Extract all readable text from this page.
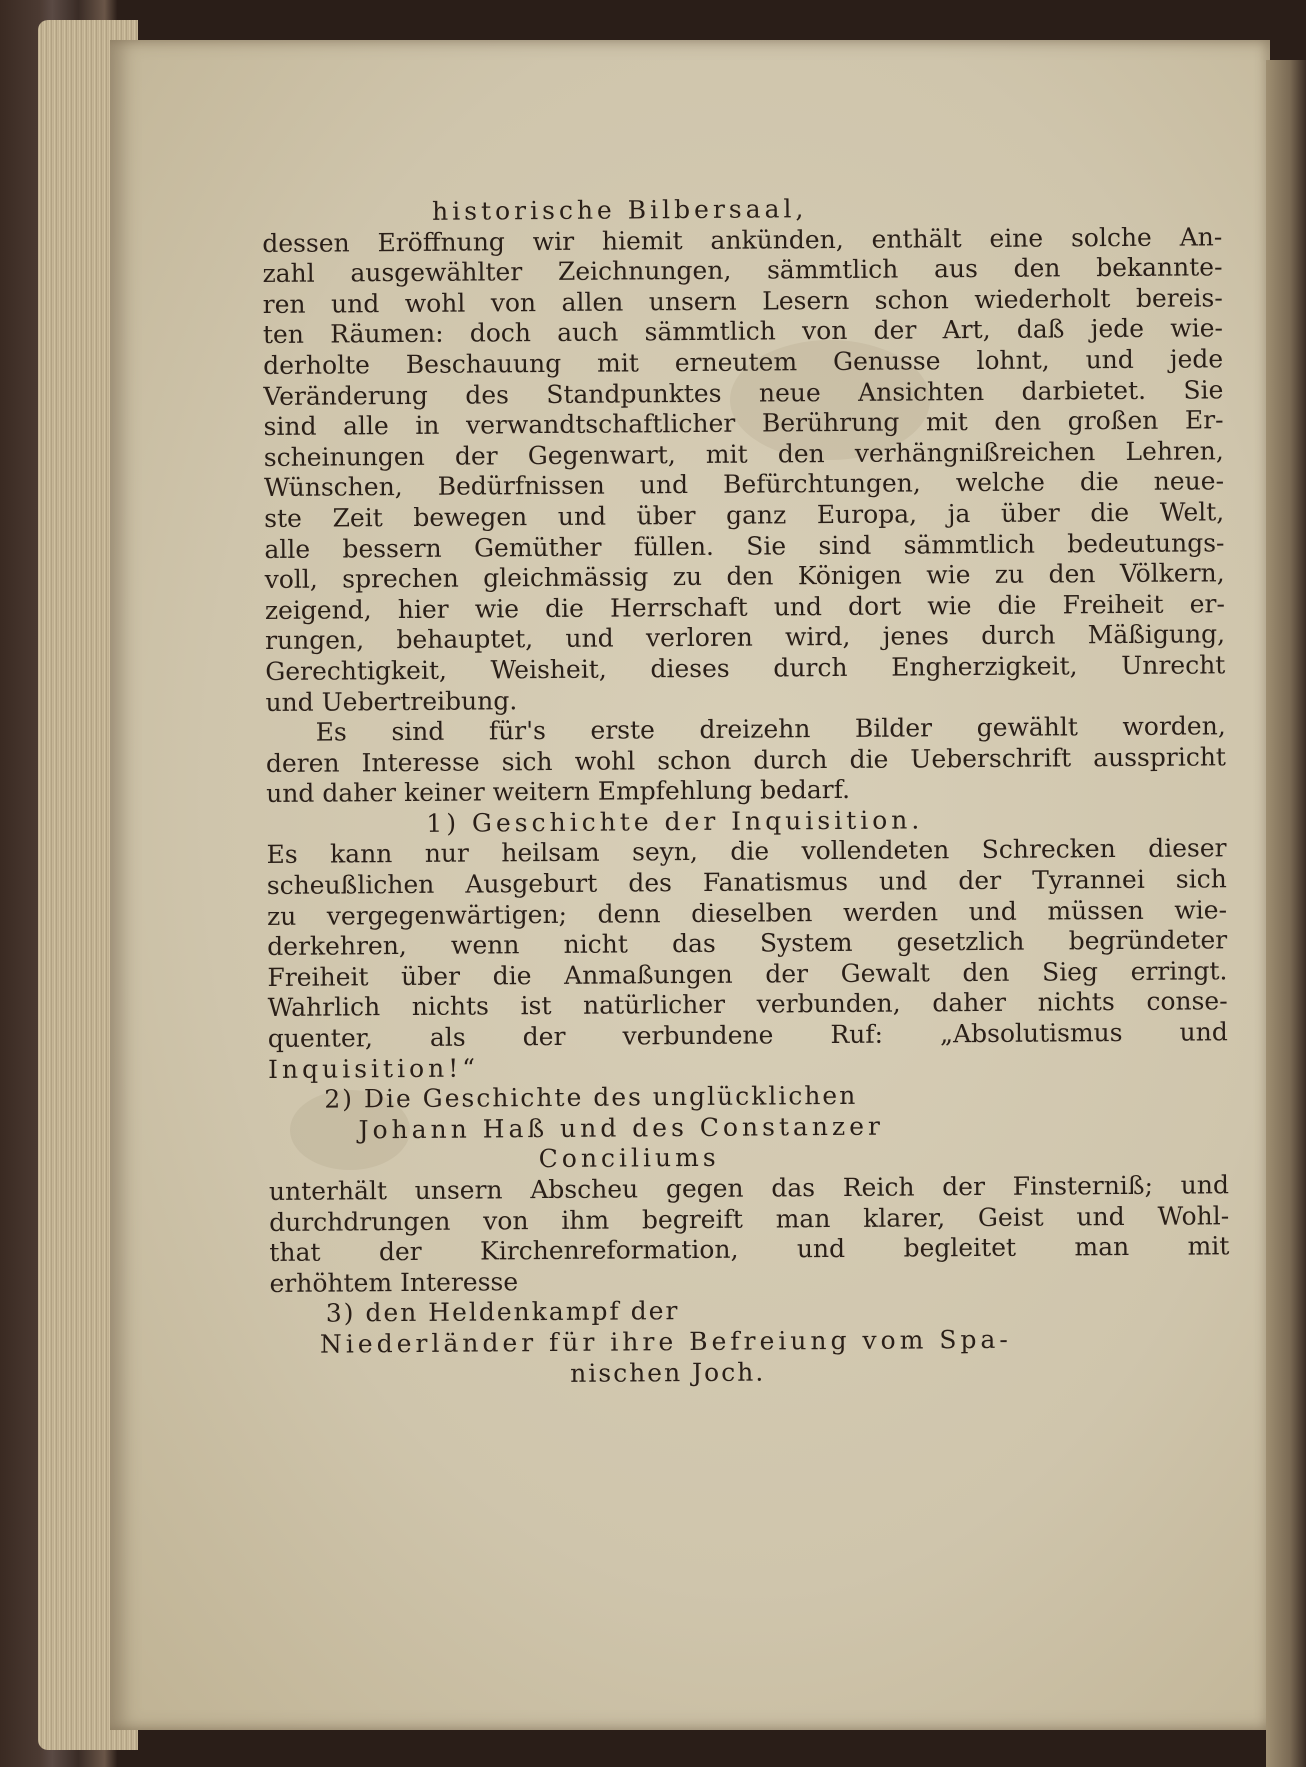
historische Bilbersaal,
dessen Eröffnung wir hiemit ankünden, enthält eine solche An-
zahl ausgewählter Zeichnungen, sämmtlich aus den bekannte-
ren und wohl von allen unsern Lesern schon wiederholt bereis-
ten Räumen: doch auch sämmtlich von der Art, daß jede wie-
derholte Beschauung mit erneutem Genusse lohnt, und jede
Veränderung des Standpunktes neue Ansichten darbietet. Sie
sind alle in verwandtschaftlicher Berührung mit den großen Er-
scheinungen der Gegenwart, mit den verhängnißreichen Lehren,
Wünschen, Bedürfnissen und Befürchtungen, welche die neue-
ste Zeit bewegen und über ganz Europa, ja über die Welt,
alle bessern Gemüther füllen. Sie sind sämmtlich bedeutungs-
voll, sprechen gleichmässig zu den Königen wie zu den Völkern,
zeigend, hier wie die Herrschaft und dort wie die Freiheit er-
rungen, behauptet, und verloren wird, jenes durch Mäßigung,
Gerechtigkeit, Weisheit, dieses durch Engherzigkeit, Unrecht
und Uebertreibung.
Es sind für's erste dreizehn Bilder gewählt worden,
deren Interesse sich wohl schon durch die Ueberschrift ausspricht
und daher keiner weitern Empfehlung bedarf.
1) Geschichte der Inquisition.
Es kann nur heilsam seyn, die vollendeten Schrecken dieser
scheußlichen Ausgeburt des Fanatismus und der Tyrannei sich
zu vergegenwärtigen; denn dieselben werden und müssen wie-
derkehren, wenn nicht das System gesetzlich begründeter
Freiheit über die Anmaßungen der Gewalt den Sieg erringt.
Wahrlich nichts ist natürlicher verbunden, daher nichts conse-
quenter, als der verbundene Ruf: „Absolutismus und
Inquisition!“
2) Die Geschichte des unglücklichen
Johann Haß und des Constanzer
Conciliums
unterhält unsern Abscheu gegen das Reich der Finsterniß; und
durchdrungen von ihm begreift man klarer, Geist und Wohl-
that der Kirchenreformation, und begleitet man mit
erhöhtem Interesse
3) den Heldenkampf der
Niederländer für ihre Befreiung vom Spa-
nischen Joch.
